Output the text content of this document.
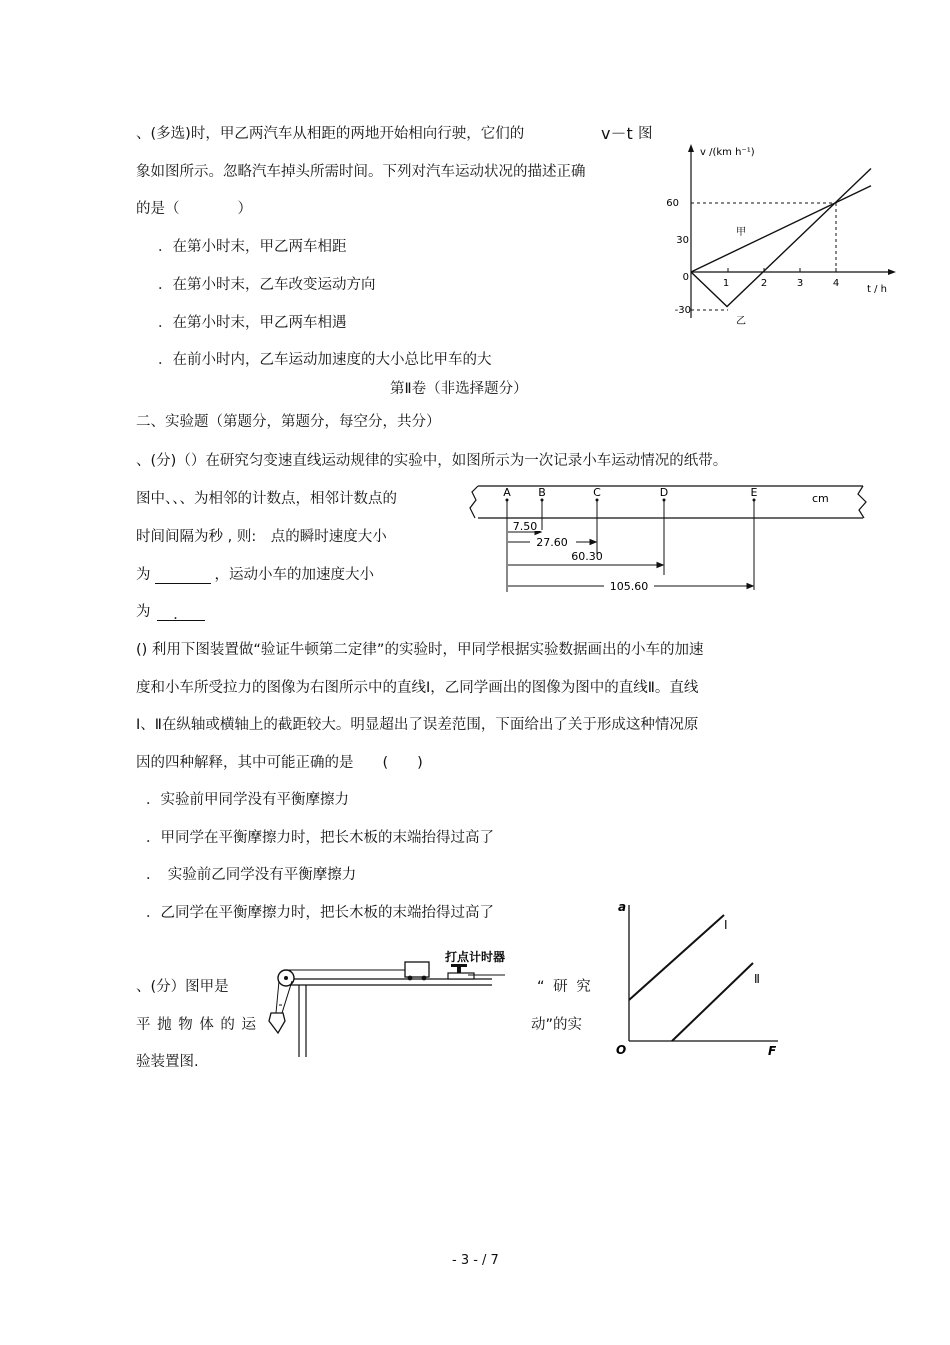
、(多选)时，甲乙两汽车从相距的两地开始相向行驶，它们的	v－t 图
象如图所示。忽略汽车掉头所需时间。下列对汽车运动状况的描述正确
的是（　　　　）
．在第小时末，甲乙两车相距
．在第小时末，乙车改变运动方向
．在第小时末，甲乙两车相遇
．在前小时内，乙车运动加速度的大小总比甲车的大
v /(km h⁻¹)
t / h
60
30
0
-30
1	2	3	4
甲
乙
第Ⅱ卷（非选择题分）
二、实验题（第题分，第题分，每空分，共分）
、(分)（）在研究匀变速直线运动规律的实验中，如图所示为一次记录小车运动情况的纸带。
图中、、、为相邻的计数点，相邻计数点的
时间间隔为秒 , 则:　点的瞬时速度大小
为	，运动小车的加速度大小
为 ．
A B	C	D	E	cm
7.50
27.60
60.30
105.60
() 利用下图装置做“验证牛顿第二定律”的实验时，甲同学根据实验数据画出的小车的加速
度和小车所受拉力的图像为右图所示中的直线Ⅰ，乙同学画出的图像为图中的直线Ⅱ。直线
Ⅰ、Ⅱ在纵轴或横轴上的截距较大。明显超出了误差范围，下面给出了关于形成这种情况原
因的四种解释，其中可能正确的是　　(　　)
．实验前甲同学没有平衡摩擦力
．甲同学在平衡摩擦力时，把长木板的末端抬得过高了
．　实验前乙同学没有平衡摩擦力
．乙同学在平衡摩擦力时，把长木板的末端抬得过高了	a
F
O
Ⅰ
Ⅱ
、(分）图甲是	“ 研 究
平 抛 物 体 的 运	动”的实
验装置图.
打点计时器
- 3 - / 7
